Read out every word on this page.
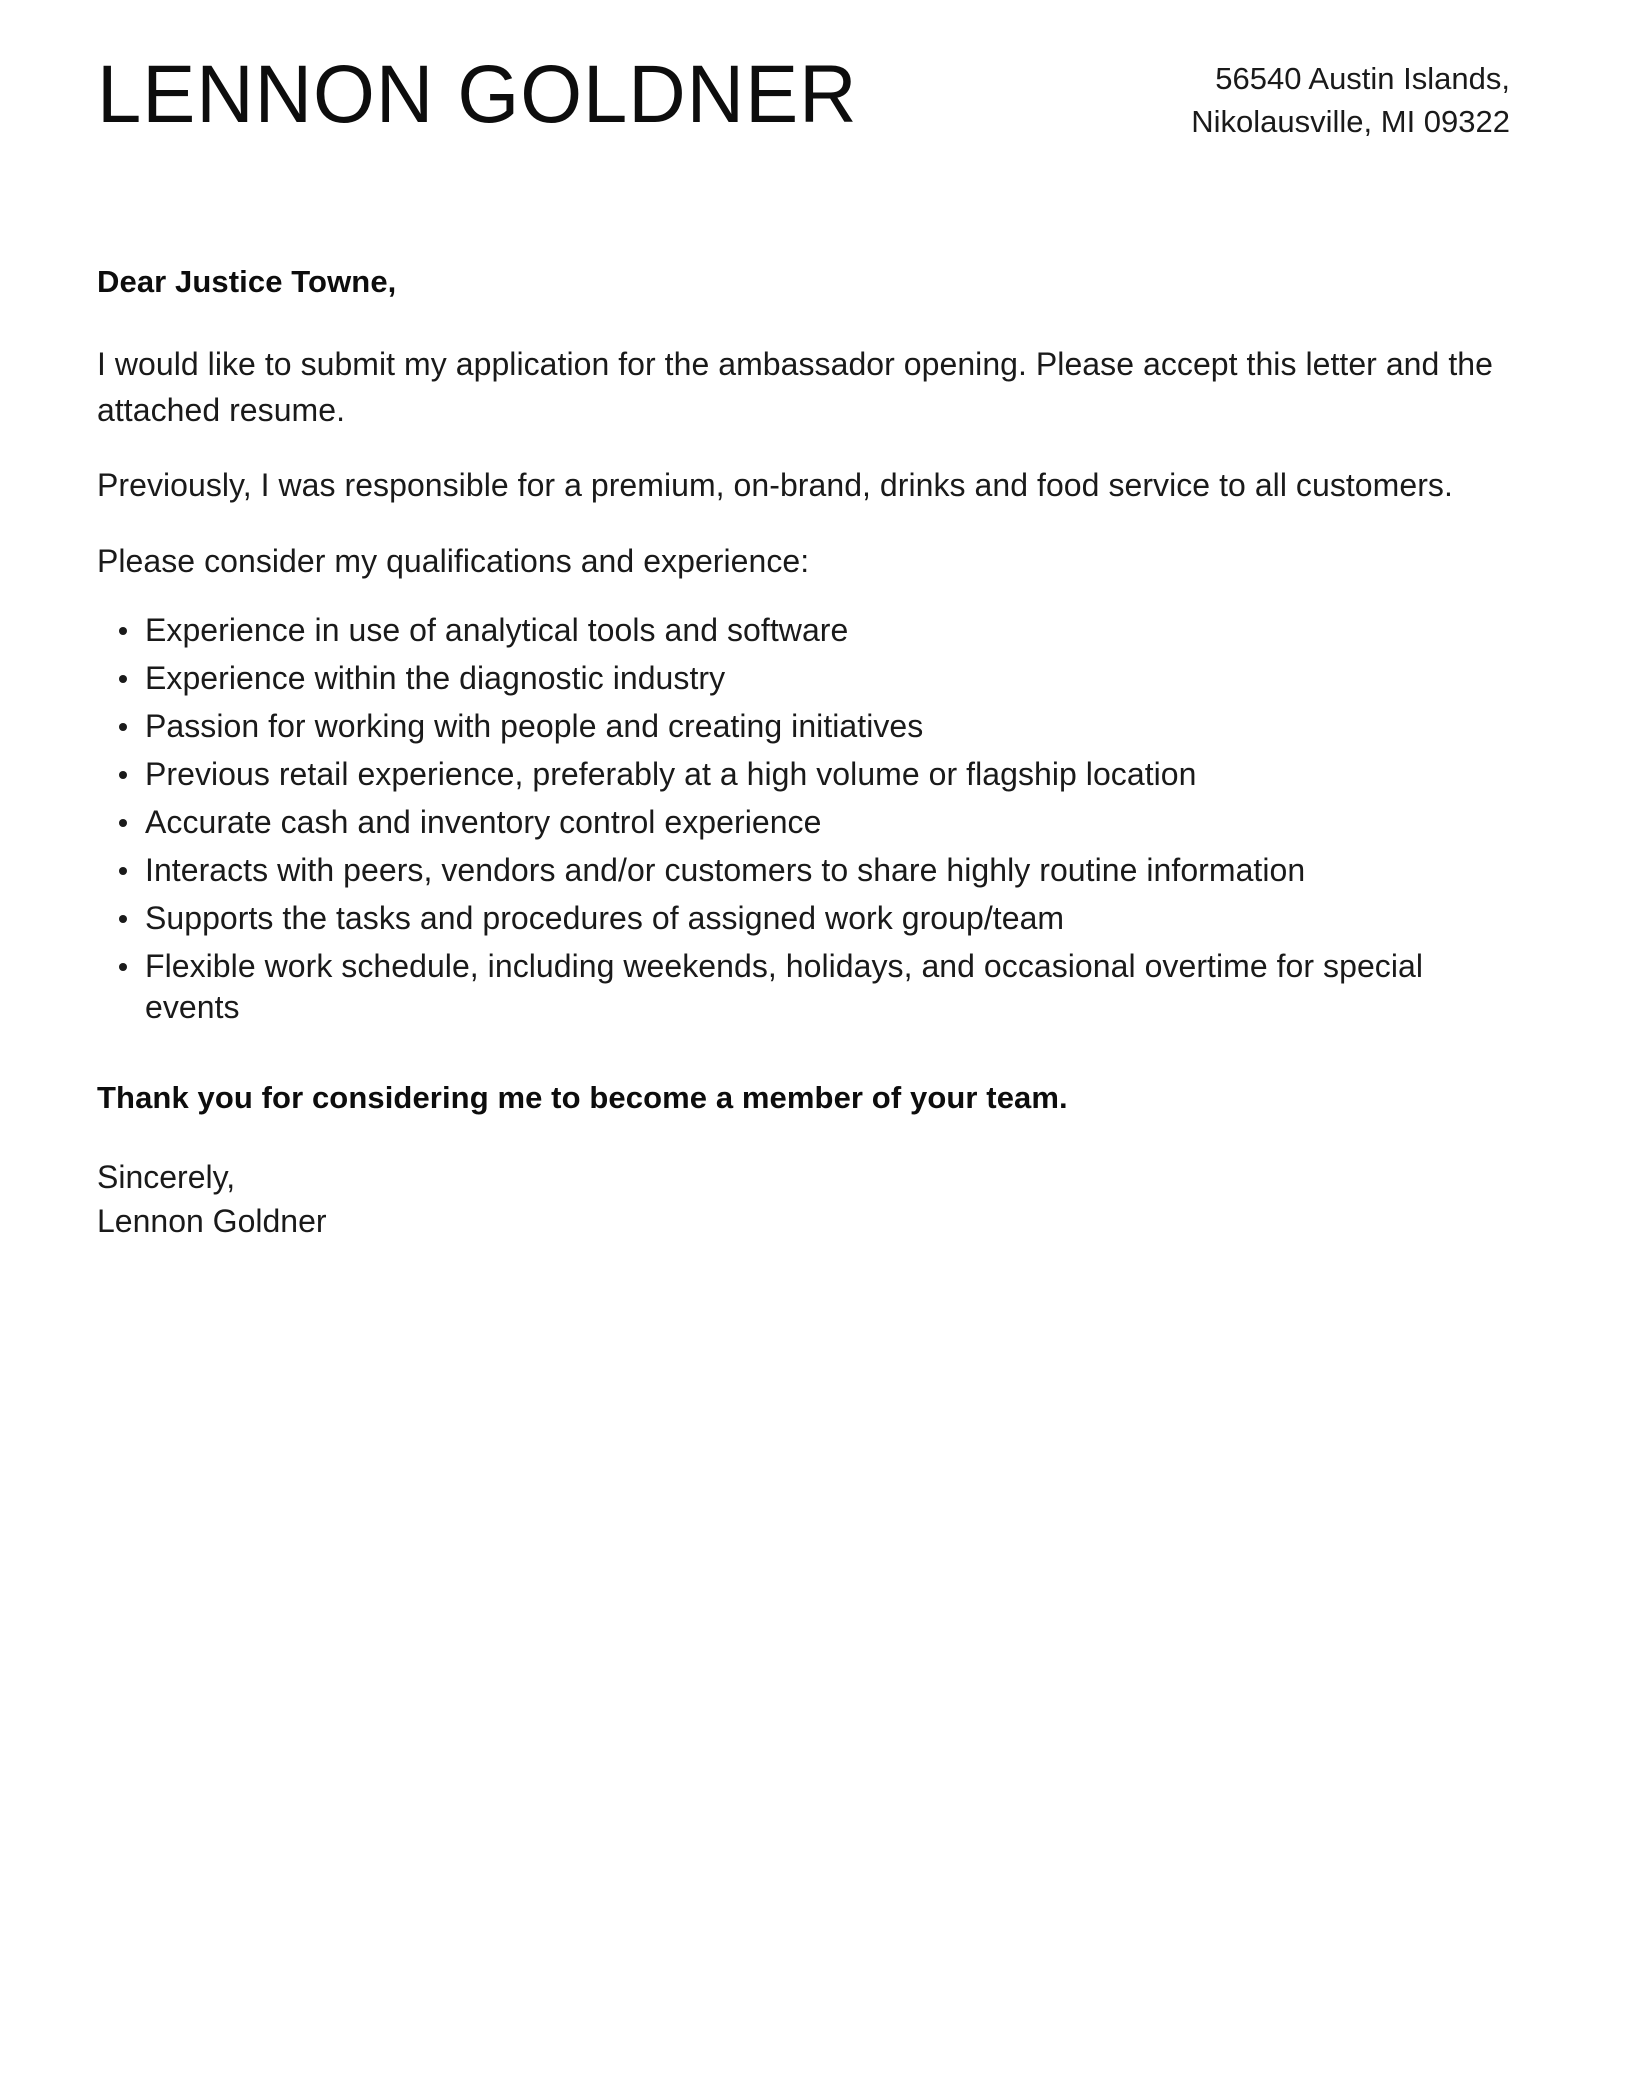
LENNON GOLDNER	56540 Austin Islands,
Nikolausville, MI 09322

Dear Justice Towne,

I would like to submit my application for the ambassador opening. Please accept this letter and the attached resume.

Previously, I was responsible for a premium, on-brand, drinks and food service to all customers.

Please consider my qualifications and experience:

Experience in use of analytical tools and software
Experience within the diagnostic industry
Passion for working with people and creating initiatives
Previous retail experience, preferably at a high volume or flagship location
Accurate cash and inventory control experience
Interacts with peers, vendors and/or customers to share highly routine information
Supports the tasks and procedures of assigned work group/team
Flexible work schedule, including weekends, holidays, and occasional overtime for special events

Thank you for considering me to become a member of your team.

Sincerely,
Lennon Goldner
